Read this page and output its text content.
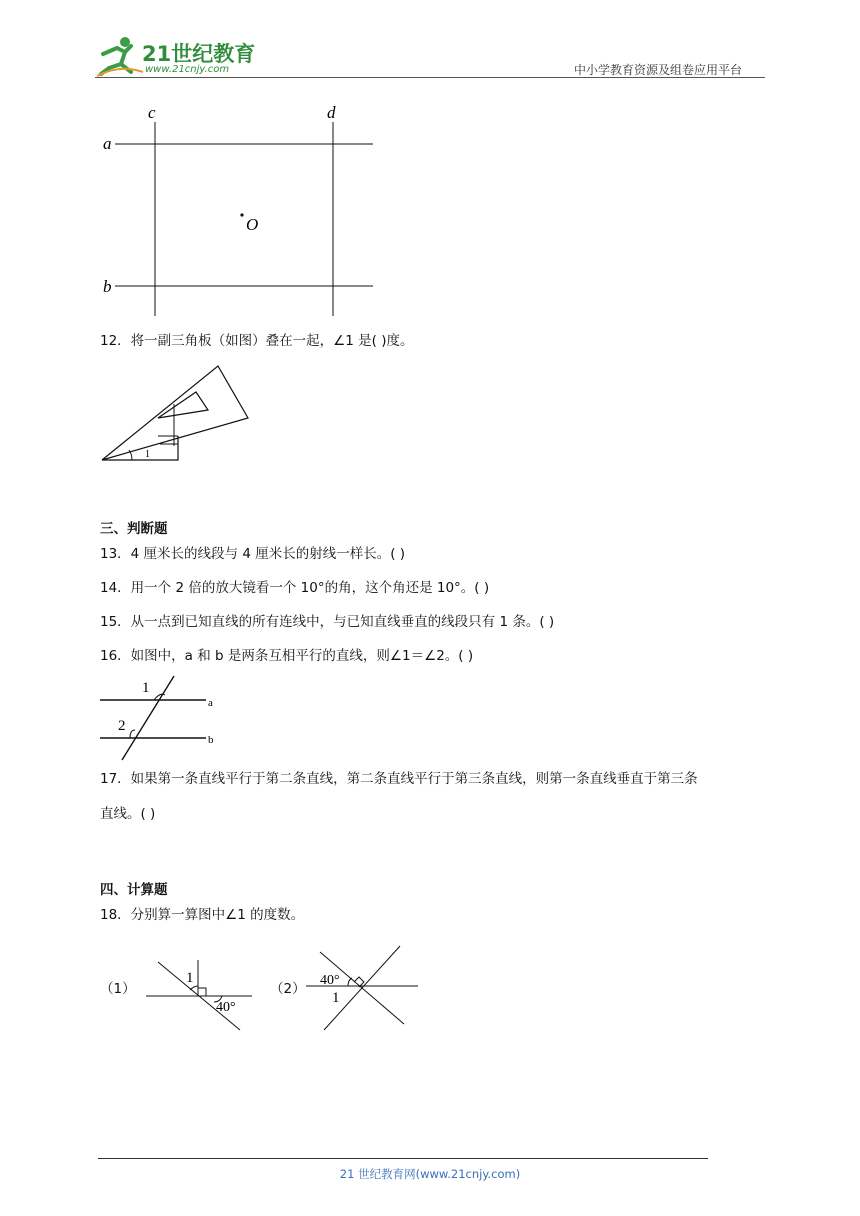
21世纪教育
www.21cnjy.com	中小学教育资源及组卷应用平台
a
b
c	d
O
12．将一副三角板（如图）叠在一起，∠1 是( )度。
1
三、判断题
13．4 厘米长的线段与 4 厘米长的射线一样长。( )
14．用一个 2 倍的放大镜看一个 10°的角，这个角还是 10°。( )
15．从一点到已知直线的所有连线中，与已知直线垂直的线段只有 1 条。( )
16．如图中，a 和 b 是两条互相平行的直线，则∠1＝∠2。( )
1
2
a
b
17．如果第一条直线平行于第二条直线，第二条直线平行于第三条直线，则第一条直线垂直于第三条
直线。( )
四、计算题
18．分别算一算图中∠1 的度数。
（1）
1
40°
（2）
40°
1
21 世纪教育网(www.21cnjy.com)
